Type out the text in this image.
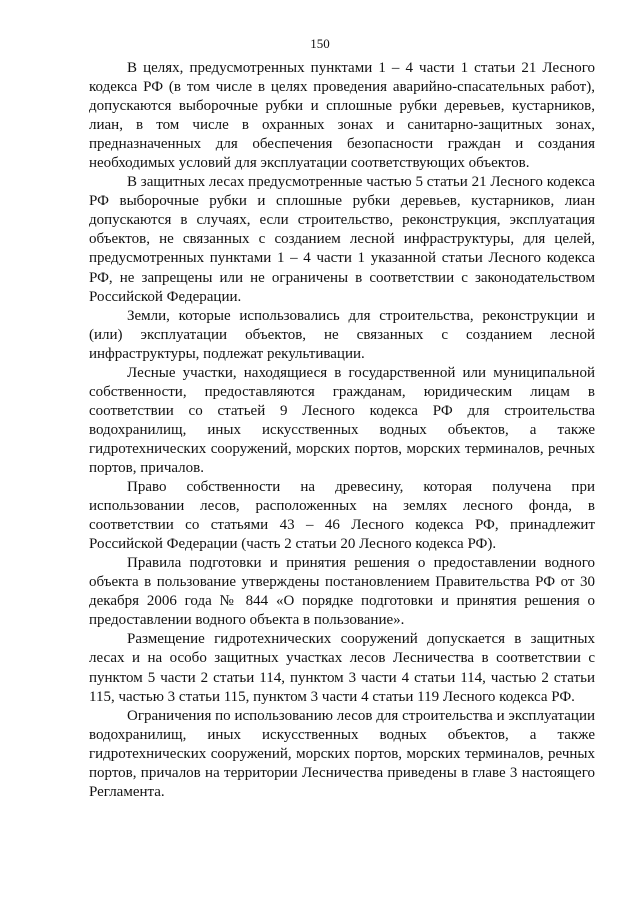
150

В целях, предусмотренных пунктами 1 – 4 части 1 статьи 21 Лесного кодекса РФ (в том числе в целях проведения аварийно-спасательных работ), допускаются выборочные рубки и сплошные рубки деревьев, кустарников, лиан, в том числе в охранных зонах и санитарно-защитных зонах, предназначенных для обеспечения безопасности граждан и создания необходимых условий для эксплуатации соответствующих объектов.

В защитных лесах предусмотренные частью 5 статьи 21 Лесного кодекса РФ выборочные рубки и сплошные рубки деревьев, кустарников, лиан допускаются в случаях, если строительство, реконструкция, эксплуатация объектов, не связанных с созданием лесной инфраструктуры, для целей, предусмотренных пунктами 1 – 4 части 1 указанной статьи Лесного кодекса РФ, не запрещены или не ограничены в соответствии с законодательством Российской Федерации.

Земли, которые использовались для строительства, реконструкции и (или) эксплуатации объектов, не связанных с созданием лесной инфраструктуры, подлежат рекультивации.

Лесные участки, находящиеся в государственной или муниципальной собственности, предоставляются гражданам, юридическим лицам в соответствии со статьей 9 Лесного кодекса РФ для строительства водохранилищ, иных искусственных водных объектов, а также гидротехнических сооружений, морских портов, морских терминалов, речных портов, причалов.

Право собственности на древесину, которая получена при использовании лесов, расположенных на землях лесного фонда, в соответствии со статьями 43 – 46 Лесного кодекса РФ, принадлежит Российской Федерации (часть 2 статьи 20 Лесного кодекса РФ).

Правила подготовки и принятия решения о предоставлении водного объекта в пользование утверждены постановлением Правительства РФ от 30 декабря 2006 года № 844 «О порядке подготовки и принятия решения о предоставлении водного объекта в пользование».

Размещение гидротехнических сооружений допускается в защитных лесах и на особо защитных участках лесов Лесничества в соответствии с пунктом 5 части 2 статьи 114, пунктом 3 части 4 статьи 114, частью 2 статьи 115, частью 3 статьи 115, пунктом 3 части 4 статьи 119 Лесного кодекса РФ.

Ограничения по использованию лесов для строительства и эксплуатации водохранилищ, иных искусственных водных объектов, а также гидротехнических сооружений, морских портов, морских терминалов, речных портов, причалов на территории Лесничества приведены в главе 3 настоящего Регламента.
